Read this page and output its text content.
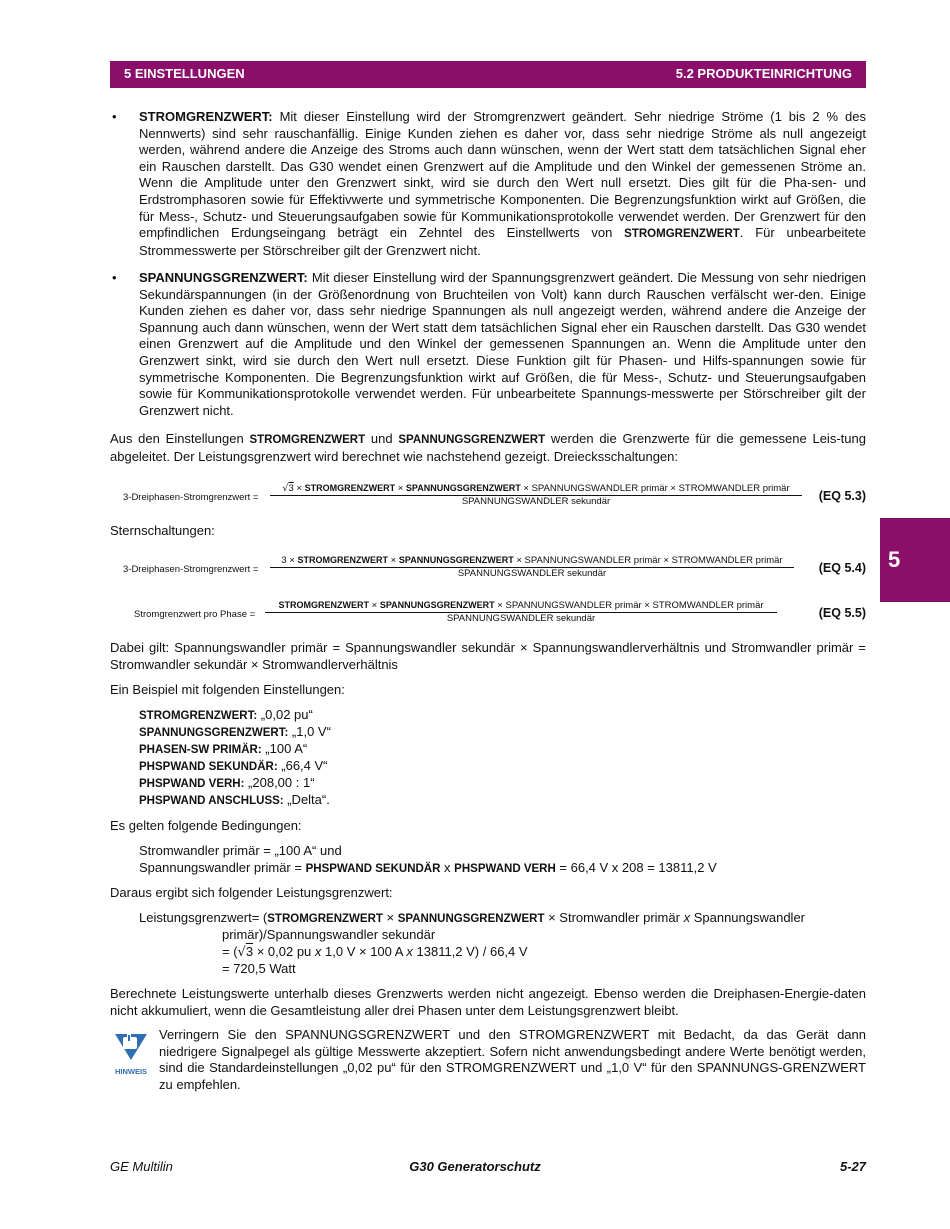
5 EINSTELLUNGEN	5.2 PRODUKTEINRICHTUNG
• STROMGRENZWERT: Mit dieser Einstellung wird der Stromgrenzwert geändert. Sehr niedrige Ströme (1 bis 2 % des Nennwerts) sind sehr rauschanfällig. Einige Kunden ziehen es daher vor, dass sehr niedrige Ströme als null angezeigt werden, während andere die Anzeige des Stroms auch dann wünschen, wenn der Wert statt dem tatsächlichen Signal eher ein Rauschen darstellt. Das G30 wendet einen Grenzwert auf die Amplitude und den Winkel der gemessenen Ströme an. Wenn die Amplitude unter den Grenzwert sinkt, wird sie durch den Wert null ersetzt. Dies gilt für die Pha-sen- und Erdstromphasoren sowie für Effektivwerte und symmetrische Komponenten. Die Begrenzungsfunktion wirkt auf Größen, die für Mess-, Schutz- und Steuerungsaufgaben sowie für Kommunikationsprotokolle verwendet werden. Der Grenzwert für den empfindlichen Erdungseingang beträgt ein Zehntel des Einstellwerts von STROMGRENZWERT. Für unbearbeitete Strommesswerte per Störschreiber gilt der Grenzwert nicht.
• SPANNUNGSGRENZWERT: Mit dieser Einstellung wird der Spannungsgrenzwert geändert. Die Messung von sehr niedrigen Sekundärspannungen (in der Größenordnung von Bruchteilen von Volt) kann durch Rauschen verfälscht wer-den. Einige Kunden ziehen es daher vor, dass sehr niedrige Spannungen als null angezeigt werden, während andere die Anzeige der Spannung auch dann wünschen, wenn der Wert statt dem tatsächlichen Signal eher ein Rauschen darstellt. Das G30 wendet einen Grenzwert auf die Amplitude und den Winkel der gemessenen Spannungen an. Wenn die Amplitude unter den Grenzwert sinkt, wird sie durch den Wert null ersetzt. Diese Funktion gilt für Phasen- und Hilfs-spannungen sowie für symmetrische Komponenten. Die Begrenzungsfunktion wirkt auf Größen, die für Mess-, Schutz- und Steuerungsaufgaben sowie für Kommunikationsprotokolle verwendet werden. Für unbearbeitete Spannungs-messwerte per Störschreiber gilt der Grenzwert nicht.
Aus den Einstellungen STROMGRENZWERT und SPANNUNGSGRENZWERT werden die Grenzwerte für die gemessene Leis-tung abgeleitet. Der Leistungsgrenzwert wird berechnet wie nachstehend gezeigt. Dreiecksschaltungen:
3-Dreiphasen-Stromgrenzwert =
√3 × STROMGRENZWERT × SPANNUNGSGRENZWERT × SPANNUNGSWANDLER primär × STROMWANDLER primär
SPANNUNGSWANDLER sekundär	(EQ 5.3)
Sternschaltungen:
3-Dreiphasen-Stromgrenzwert =
3 × STROMGRENZWERT × SPANNUNGSGRENZWERT × SPANNUNGSWANDLER primär × STROMWANDLER primär
SPANNUNGSWANDLER sekundär	(EQ 5.4)
Stromgrenzwert pro Phase =
STROMGRENZWERT × SPANNUNGSGRENZWERT × SPANNUNGSWANDLER primär × STROMWANDLER primär
SPANNUNGSWANDLER sekundär	(EQ 5.5)
Dabei gilt: Spannungswandler primär = Spannungswandler sekundär × Spannungswandlerverhältnis und Stromwandler primär = Stromwandler sekundär × Stromwandlerverhältnis
Ein Beispiel mit folgenden Einstellungen:
STROMGRENZWERT: „0,02 pu“
SPANNUNGSGRENZWERT: „1,0 V“
PHASEN-SW PRIMÄR: „100 A“
PHSPWAND SEKUNDÄR: „66,4 V“
PHSPWAND VERH: „208,00 : 1“
PHSPWAND ANSCHLUSS: „Delta“.
Es gelten folgende Bedingungen:
Stromwandler primär = „100 A“ und
Spannungswandler primär = PHSPWAND SEKUNDÄR x PHSPWAND VERH = 66,4 V x 208 = 13811,2 V
Daraus ergibt sich folgender Leistungsgrenzwert:
Leistungsgrenzwert= (STROMGRENZWERT × SPANNUNGSGRENZWERT × Stromwandler primär x Spannungswandler
primär)/Spannungswandler sekundär
= (√3 × 0,02 pu x 1,0 V × 100 A x 13811,2 V) / 66,4 V
= 720,5 Watt
Berechnete Leistungswerte unterhalb dieses Grenzwerts werden nicht angezeigt. Ebenso werden die Dreiphasen-Energie-daten nicht akkumuliert, wenn die Gesamtleistung aller drei Phasen unter dem Leistungsgrenzwert bleibt.
HINWEIS
Verringern Sie den SPANNUNGSGRENZWERT und den STROMGRENZWERT mit Bedacht, da das Gerät dann niedrigere Signalpegel als gültige Messwerte akzeptiert. Sofern nicht anwendungsbedingt andere Werte benötigt werden, sind die Standardeinstellungen „0,02 pu“ für den STROMGRENZWERT und „1,0 V“ für den SPANNUNGS-GRENZWERT zu empfehlen.
5
GE Multilin	G30 Generatorschutz	5-27
